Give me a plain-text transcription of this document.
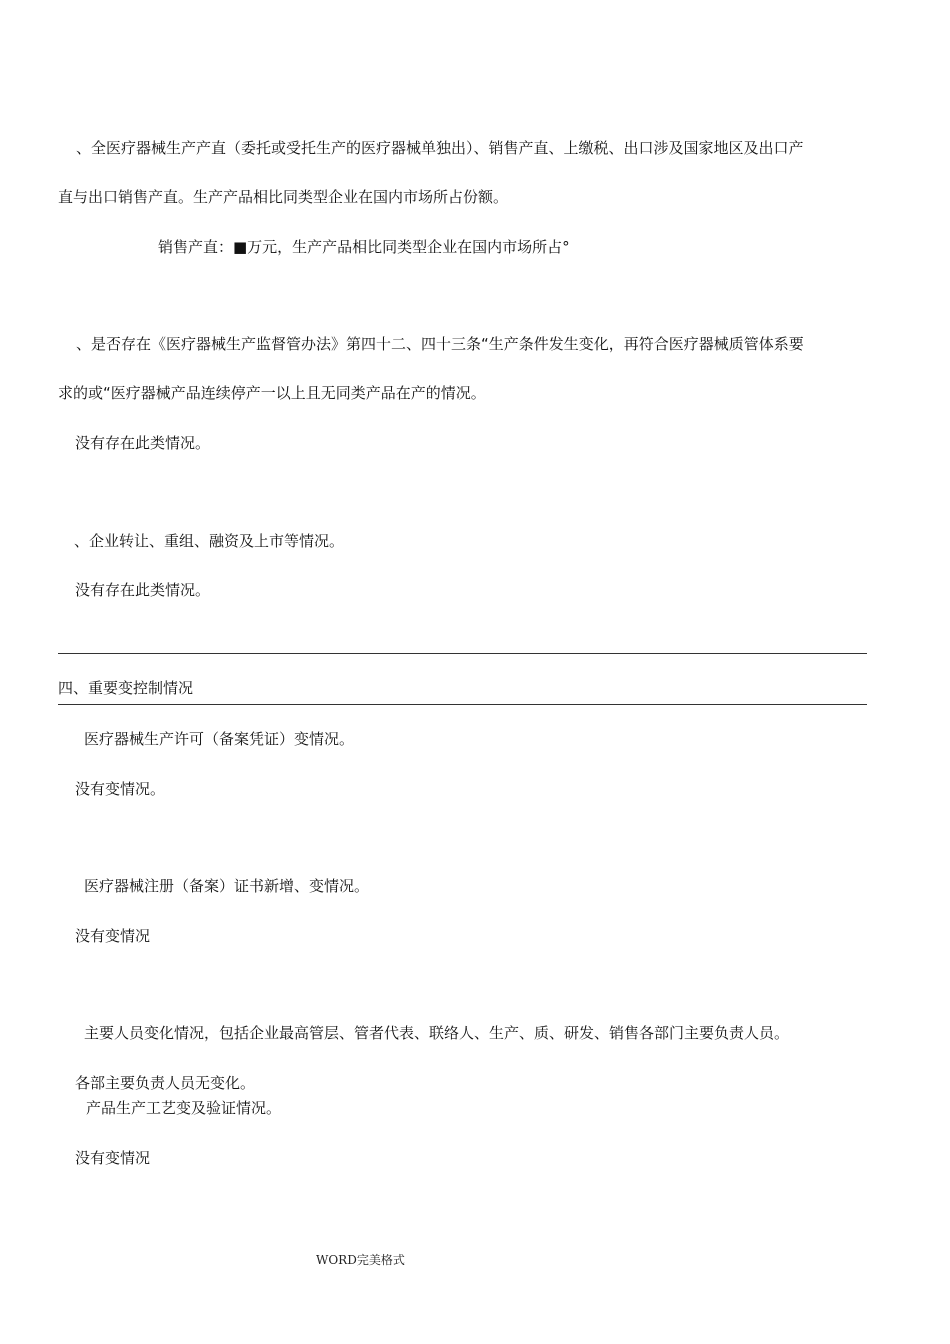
、全医疗器械生产产直（委托或受托生产的医疗器械单独出）、销售产直、上缴税、出口涉及国家地区及出口产

直与出口销售产直。生产产品相比同类型企业在国内市场所占份额。

销售产直：■万元，生产产品相比同类型企业在国内市场所占°

、是否存在《医疗器械生产监督管办法》第四十二、四十三条“生产条件发生变化，再符合医疗器械质管体系要

求的或“医疗器械产品连续停产一以上且无同类产品在产的情况。

没有存在此类情况。

、企业转让、重组、融资及上市等情况。

没有存在此类情况。

四、重要变控制情况

医疗器械生产许可（备案凭证）变情况。

没有变情况。

医疗器械注册（备案）证书新增、变情况。

没有变情况

主要人员变化情况，包括企业最高管层、管者代表、联络人、生产、质、研发、销售各部门主要负责人员。

各部主要负责人员无变化。

产品生产工艺变及验证情况。

没有变情况

WORD完美格式
